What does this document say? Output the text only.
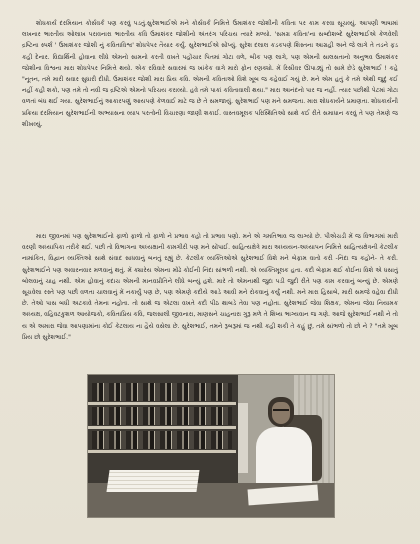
શોધકાર્ય દરમિયાન કોર્સવર્ક પણ કરવું પડતું.સુરેશભાઈએ મને કોર્સવર્ક નિમિત્તે ઉમાશંકર જોશીની કવિતા પર કામ કરવા સૂચવ્યું. આપણી ભાષામાં લખનાર ભારતીય ઓલાખ પરાવનારા ભારતીય કવિ ઉમાશંકર જોશીનો અંતરંગ પરિચય ત્યારે મળ્યો. 'સમગ્ર કવિતા'ના સબ્દોશબ્દે સુરેશભાઈએ કેળવેલી દ્રષ્ટિના સ્પર્શ ' ઉમાશંકર જોશી નું કવિતાવિશ્વ' શોધપેપર તૈયાર કર્યું. સુરેશભાઈએ સોંપ્યું. સુરેશ દલાલ કડકપણે શિસ્તના આગ્રહી અને જે લાગે તે તડને ફડ કહી દેનાર. વિદ્યાર્થિની હોવાના લીધે એમનો સામનો કરતી વખતે પહોંચાર પિતમાં ગોટા વળે, બીક પણ લાગે, પણ એમની સાલસતાનો અનુભવ ઉમાશંકર જોશીના વિશ્વના મારા શોધપેપર નિમિત્તે થયો. એક રવિવારે સવારમાં જ ખાંકેક વાગે મારો ફોન રણક્યો. મેં રિસીવર ઊપાડ્યું તો સામે છેડે સુરેશભાઈ ! કહે "નૂતન, તમે મારી સવાર સુધારી દીધી. ઉમાશંકર જોશી મારા પ્રિય કવિ. એમની કવિતાઓ વિશે ખૂબ જ કહેવાઈ ગયું છે. મને એમ હતું કે તમે એથી જુદું કઈ નહીં કહી શકો, પણ તમે તો નવી જ દ્રષ્ટિએ એમનો પરિચય કરાવ્યો. હવે તમે પાકાં કવિતાવાલી થયા." મારા આનંદનો પાર જ નહીં. ત્યાર પછીથી પેટમાં ગોટા વળતાં બંધ થઈ ગયા. સુરેશભાઈનું આકારપણું આયપણે કેળવાઈ માટે જ છે તે સમજાયું. સુરેશભાઈ પણ મને સમજતા. મારા શોધકાર્યને પ્રમાણતા. શોધકાર્યની પ્રક્રિયા દરમિયાન સુરેશભાઈની અભ્યાસના વ્યાપ પરત્વેની વિચારણા જાણી શકાઈ. વાસ્તવમૂલક પરિસ્થિતિઓ સાથે કઈ રીતે સમાધાન કરવું તે પણ તેમણે જ શીખવ્યું.

મારા જીવનમાં પણ સુરેશભાઈનો ફાળો ફાળો તો ફાળો ને પ્રભાવ કહો તો પ્રભાવ પણો. મને એ ગમતિભાવ જ લાગ્યો છે. પીએચડી મેં જ વિભાગમાં મારી વરણી અધ્યાપિકા તરીકે થઈ. પછી તો વિભાગના અધ્યક્ષાની કામગીરી પણ મને સોંપાઈ. સાહિત્યક્ષેત્રે મારા અધ્યયન-અધ્યાપન નિમિત્તે સાહિત્યક્ષેત્રની કેટલીક નામાંકિત, વિદ્વાન વ્યક્તિઓ સાથે સંવાદ સાધવાનું બનતું રહ્યું છે. કેટલીક વ્યક્તિઓએ સુરેશભાઈ વિશે મને બેફામ વાતો કરી -નિંદા જ કહોને- તે કરી. સુરેશભાઈને પણ અવારનવાર મળવાનું થતું. મેં ક્યારેય એમના મોંઢે કોઈની નિંદા સાંભળી નથી. એ વ્યક્તિમૂલક હતા. કદી બેફામ થઈ કોઈના વિશે એ ધસાતું બોલવાનું ચાહ નથી. એમ હોવાનું કદાચ એમની માનવપ્રીતિને લીધે બન્યું હશે. મારે તો એમનાથી જુદા પડી જુદી રીતે પણ કામ કરવાનું બન્યું છે. એમણે સૂચવેલા રસ્તે પણ પછી વળતા ચાલવાનું મેં નકાર્યું પણ છે, પણ એમણે કદીયે આડે આવી મને રોકવાનું કર્યું નથી. મને મારા હિસાબે, મારી સમજે વહેવા દીધી છે. તેઓ પાસ બધી અટકાવે તેમના નહોતા. તો સાથે જ એટલા વખતે કદી પીઠ થાબડે તેવા પણ નહોતા. સુરેશભાઈ જેવા શિક્ષક, એમના જેવા નિયામક અધ્યક્ષ, વહિવટકુશળ આયોજકો, કવિતાપ્રિય કવિ, જલસાલી જીવનારા, માણસને ચાહનારા ગુરૂ મળે તે શિષ્ય ભાગ્યવાન જ ગણે. આજે સુરેશભાઈ નથી ને તો ય એ અમારા જેવા આપણામાંના કોઈ કેટલાય ના હૈયે વસેલા છે. સુરેશભાઈ, તમને રૂબરૂમાં જ નથી કહી શકી તે કહું છું, તમે સાંભળો તો છો ને ? "તમે ખૂબ પ્રિય છો સુરેશભાઈ."
